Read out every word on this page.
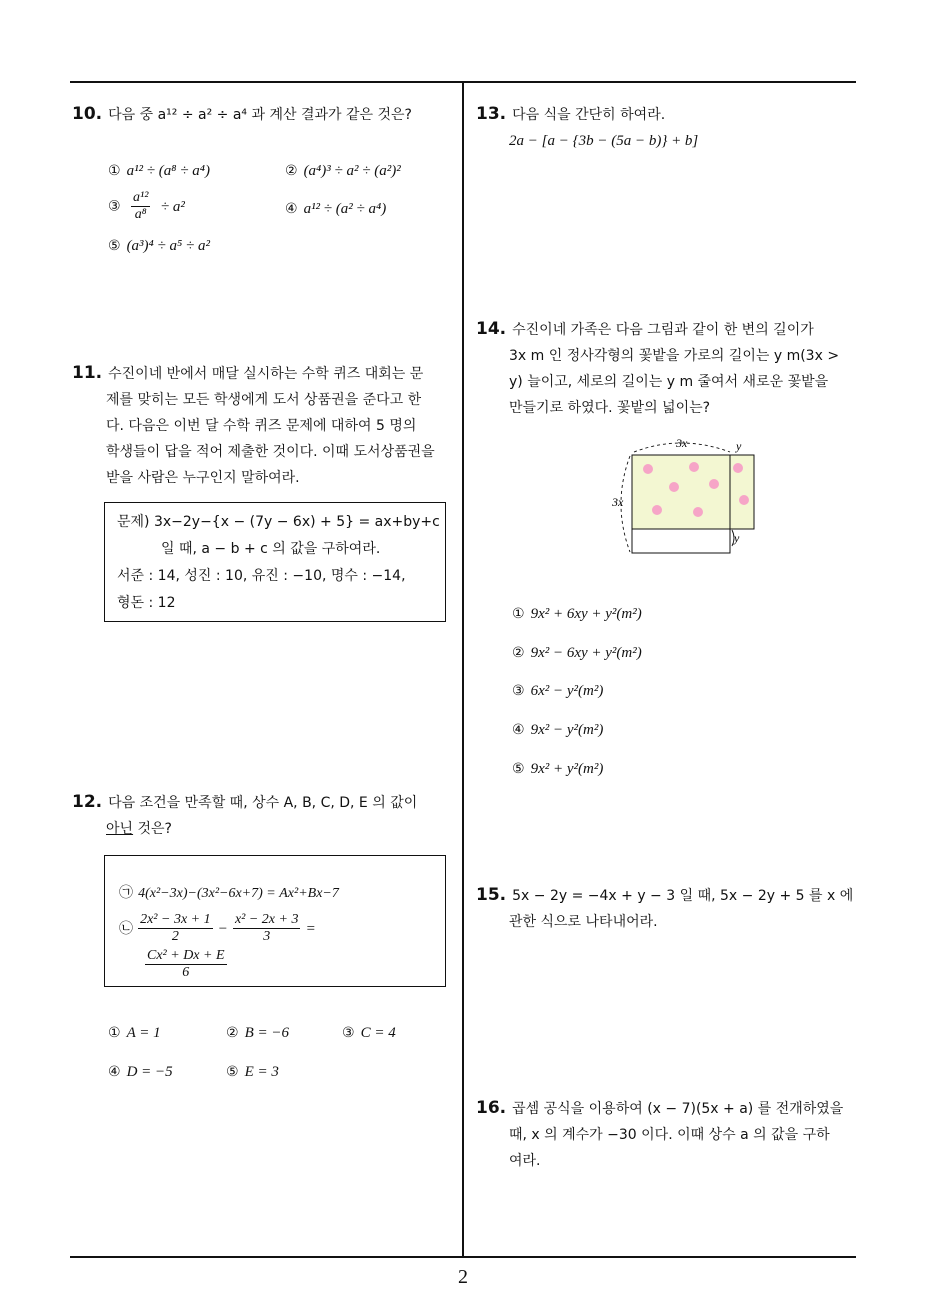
10. 다음 중 a¹² ÷ a² ÷ a⁴ 과 계산 결과가 같은 것은?
① a¹² ÷ (a⁸ ÷ a⁴)	② (a⁴)³ ÷ a² ÷ (a²)²
③ $\frac{\text{a¹²}}{\text{a⁸}} \div a^2$	④ a¹² ÷ (a² ÷ a⁴)
⑤ (a³)⁴ ÷ a⁵ ÷ a²
11. 수진이네 반에서 매달 실시하는 수학 퀴즈 대회는 문
제를 맞히는 모든 학생에게 도서 상품권을 준다고 한
다. 다음은 이번 달 수학 퀴즈 문제에 대하여 5 명의
학생들이 답을 적어 제출한 것이다. 이때 도서상품권을
받을 사람은 누구인지 말하여라.
문제) 3x−2y−{x − (7y − 6x) + 5} = ax+by+c
일 때, a − b + c 의 값을 구하여라.
서준 : 14, 성진 : 10, 유진 : −10, 명수 : −14,
형돈 : 12
12. 다음 조건을 만족할 때, 상수 A, B, C, D, E 의 값이
아닌 것은?
㉠ 4(x²−3x)−(3x²−6x+7) = Ax²+Bx−7
㉡ $\frac{\text{2x² − 3x + 1}}{2} - \frac{\text{x² − 2x + 3}}{3}$ =
$\frac{\text{Cx² + Dx + E}}{6}$
① A = 1	② B = −6	③ C = 4
④ D = −5	⑤ E = 3
13. 다음 식을 간단히 하여라.
2a − [a − {3b − (5a − b)} + b]
14. 수진이네 가족은 다음 그림과 같이 한 변의 길이가
3x m 인 정사각형의 꽃밭을 가로의 길이는 y m(3x >
y) 늘이고, 세로의 길이는 y m 줄여서 새로운 꽃밭을
만들기로 하였다. 꽃밭의 넓이는?
3x	y
3x
y
① 9x² + 6xy + y²(m²)
② 9x² − 6xy + y²(m²)
③ 6x² − y²(m²)
④ 9x² − y²(m²)
⑤ 9x² + y²(m²)
15. 5x − 2y = −4x + y − 3 일 때, 5x − 2y + 5 를 x 에
관한 식으로 나타내어라.
16. 곱셈 공식을 이용하여 (x − 7)(5x + a) 를 전개하였을
때, x 의 계수가 −30 이다. 이때 상수 a 의 값을 구하
여라.
2
